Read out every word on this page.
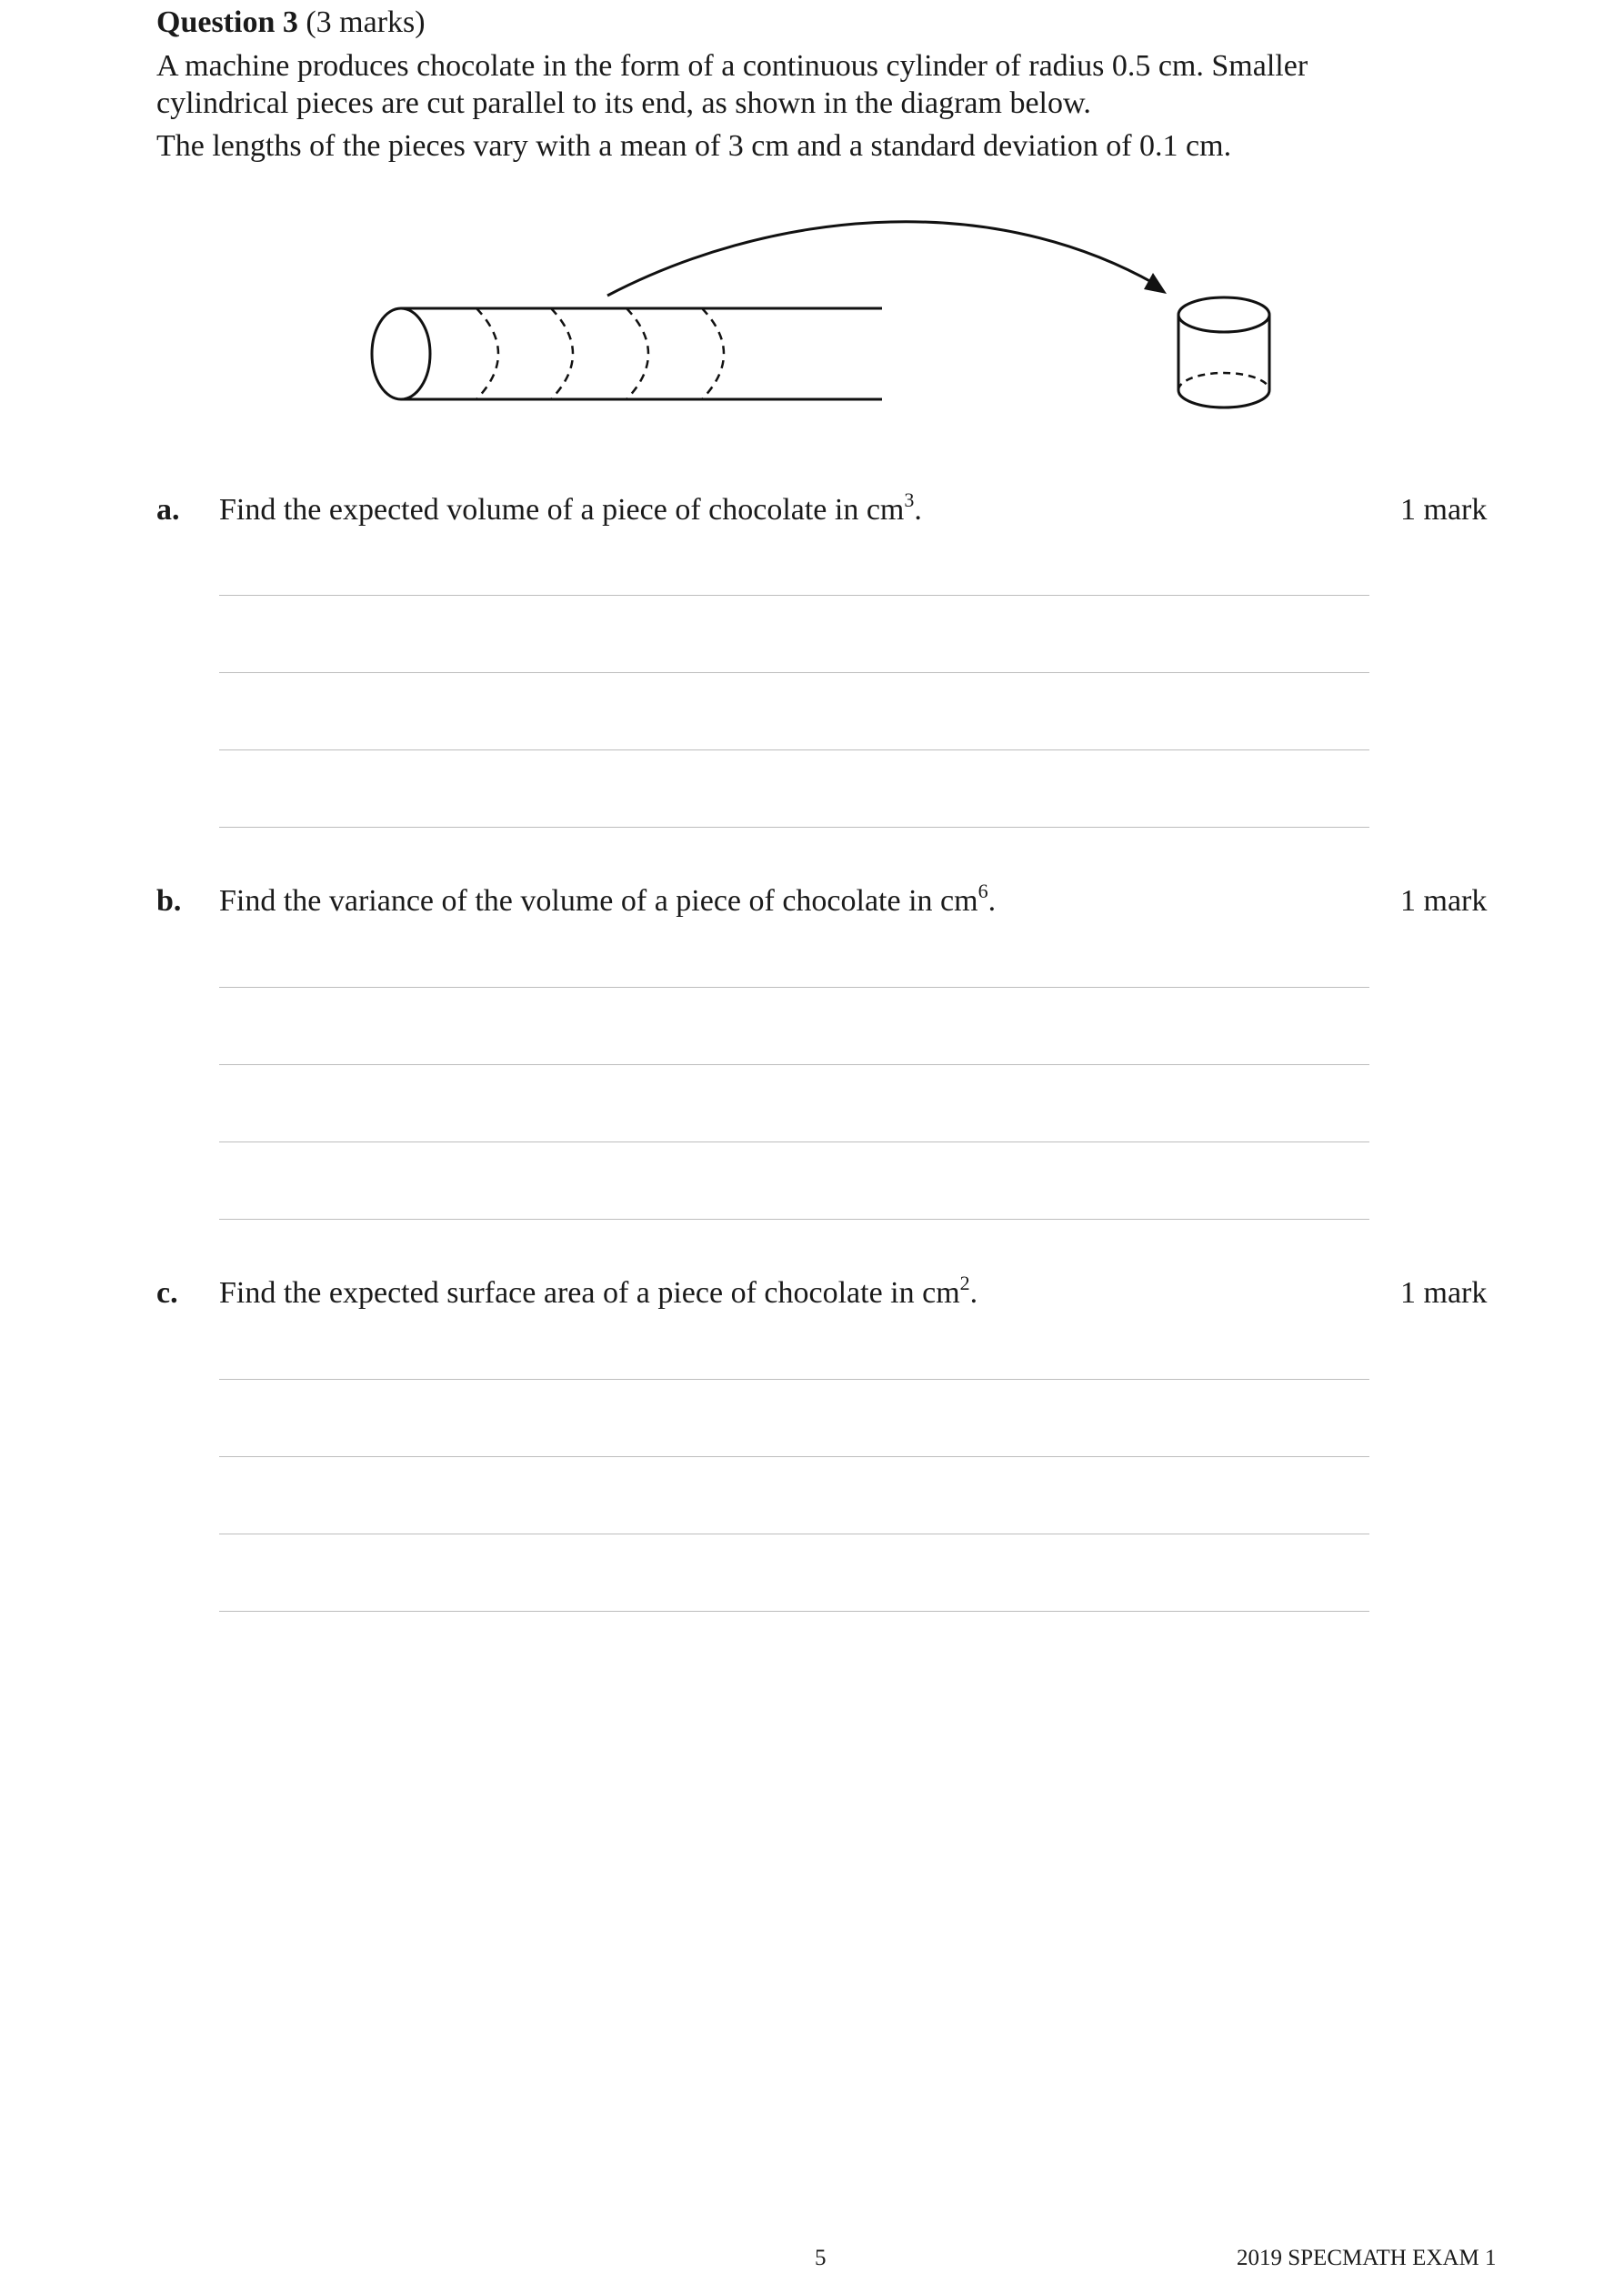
Question 3 (3 marks)

A machine produces chocolate in the form of a continuous cylinder of radius 0.5 cm. Smaller

cylindrical pieces are cut parallel to its end, as shown in the diagram below.

The lengths of the pieces vary with a mean of 3 cm and a standard deviation of 0.1 cm.

a. Find the expected volume of a piece of chocolate in $cm^3$.	1 mark
b. Find the variance of the volume of a piece of chocolate in $cm^6$.	1 mark
c. Find the expected surface area of a piece of chocolate in $cm^2$.	1 mark
5	2019 SPECMATH EXAM 1
